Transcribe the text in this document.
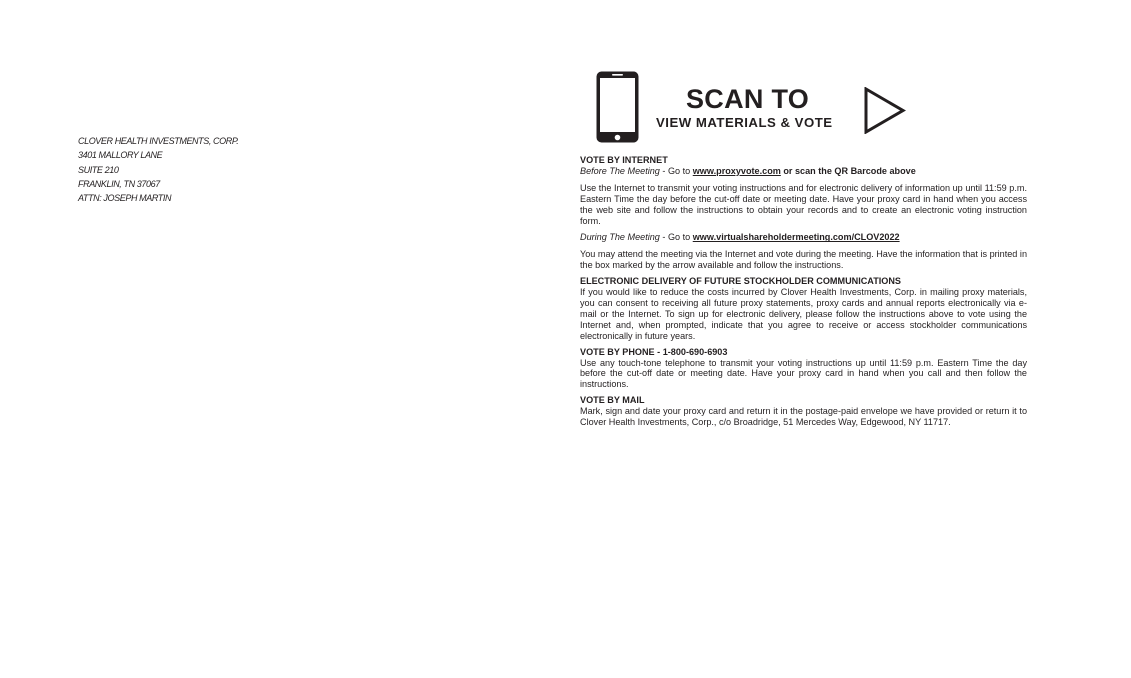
CLOVER HEALTH INVESTMENTS, CORP.
3401 MALLORY LANE
SUITE 210
FRANKLIN, TN 37067
ATTN: JOSEPH MARTIN
SCAN TO
VIEW MATERIALS & VOTE

VOTE BY INTERNET

Before The Meeting - Go to www.proxyvote.com or scan the QR Barcode above

Use the Internet to transmit your voting instructions and for electronic delivery of information up until 11:59 p.m. Eastern Time the day before the cut-off date or meeting date. Have your proxy card in hand when you access the web site and follow the instructions to obtain your records and to create an electronic voting instruction form.

During The Meeting - Go to www.virtualshareholdermeeting.com/CLOV2022

You may attend the meeting via the Internet and vote during the meeting. Have the information that is printed in the box marked by the arrow available and follow the instructions.

ELECTRONIC DELIVERY OF FUTURE STOCKHOLDER COMMUNICATIONS

If you would like to reduce the costs incurred by Clover Health Investments, Corp. in mailing proxy materials, you can consent to receiving all future proxy statements, proxy cards and annual reports electronically via e-mail or the Internet. To sign up for electronic delivery, please follow the instructions above to vote using the Internet and, when prompted, indicate that you agree to receive or access stockholder communications electronically in future years.

VOTE BY PHONE - 1-800-690-6903

Use any touch-tone telephone to transmit your voting instructions up until 11:59 p.m. Eastern Time the day before the cut-off date or meeting date. Have your proxy card in hand when you call and then follow the instructions.

VOTE BY MAIL

Mark, sign and date your proxy card and return it in the postage-paid envelope we have provided or return it to Clover Health Investments, Corp., c/o Broadridge, 51 Mercedes Way, Edgewood, NY 11717.
